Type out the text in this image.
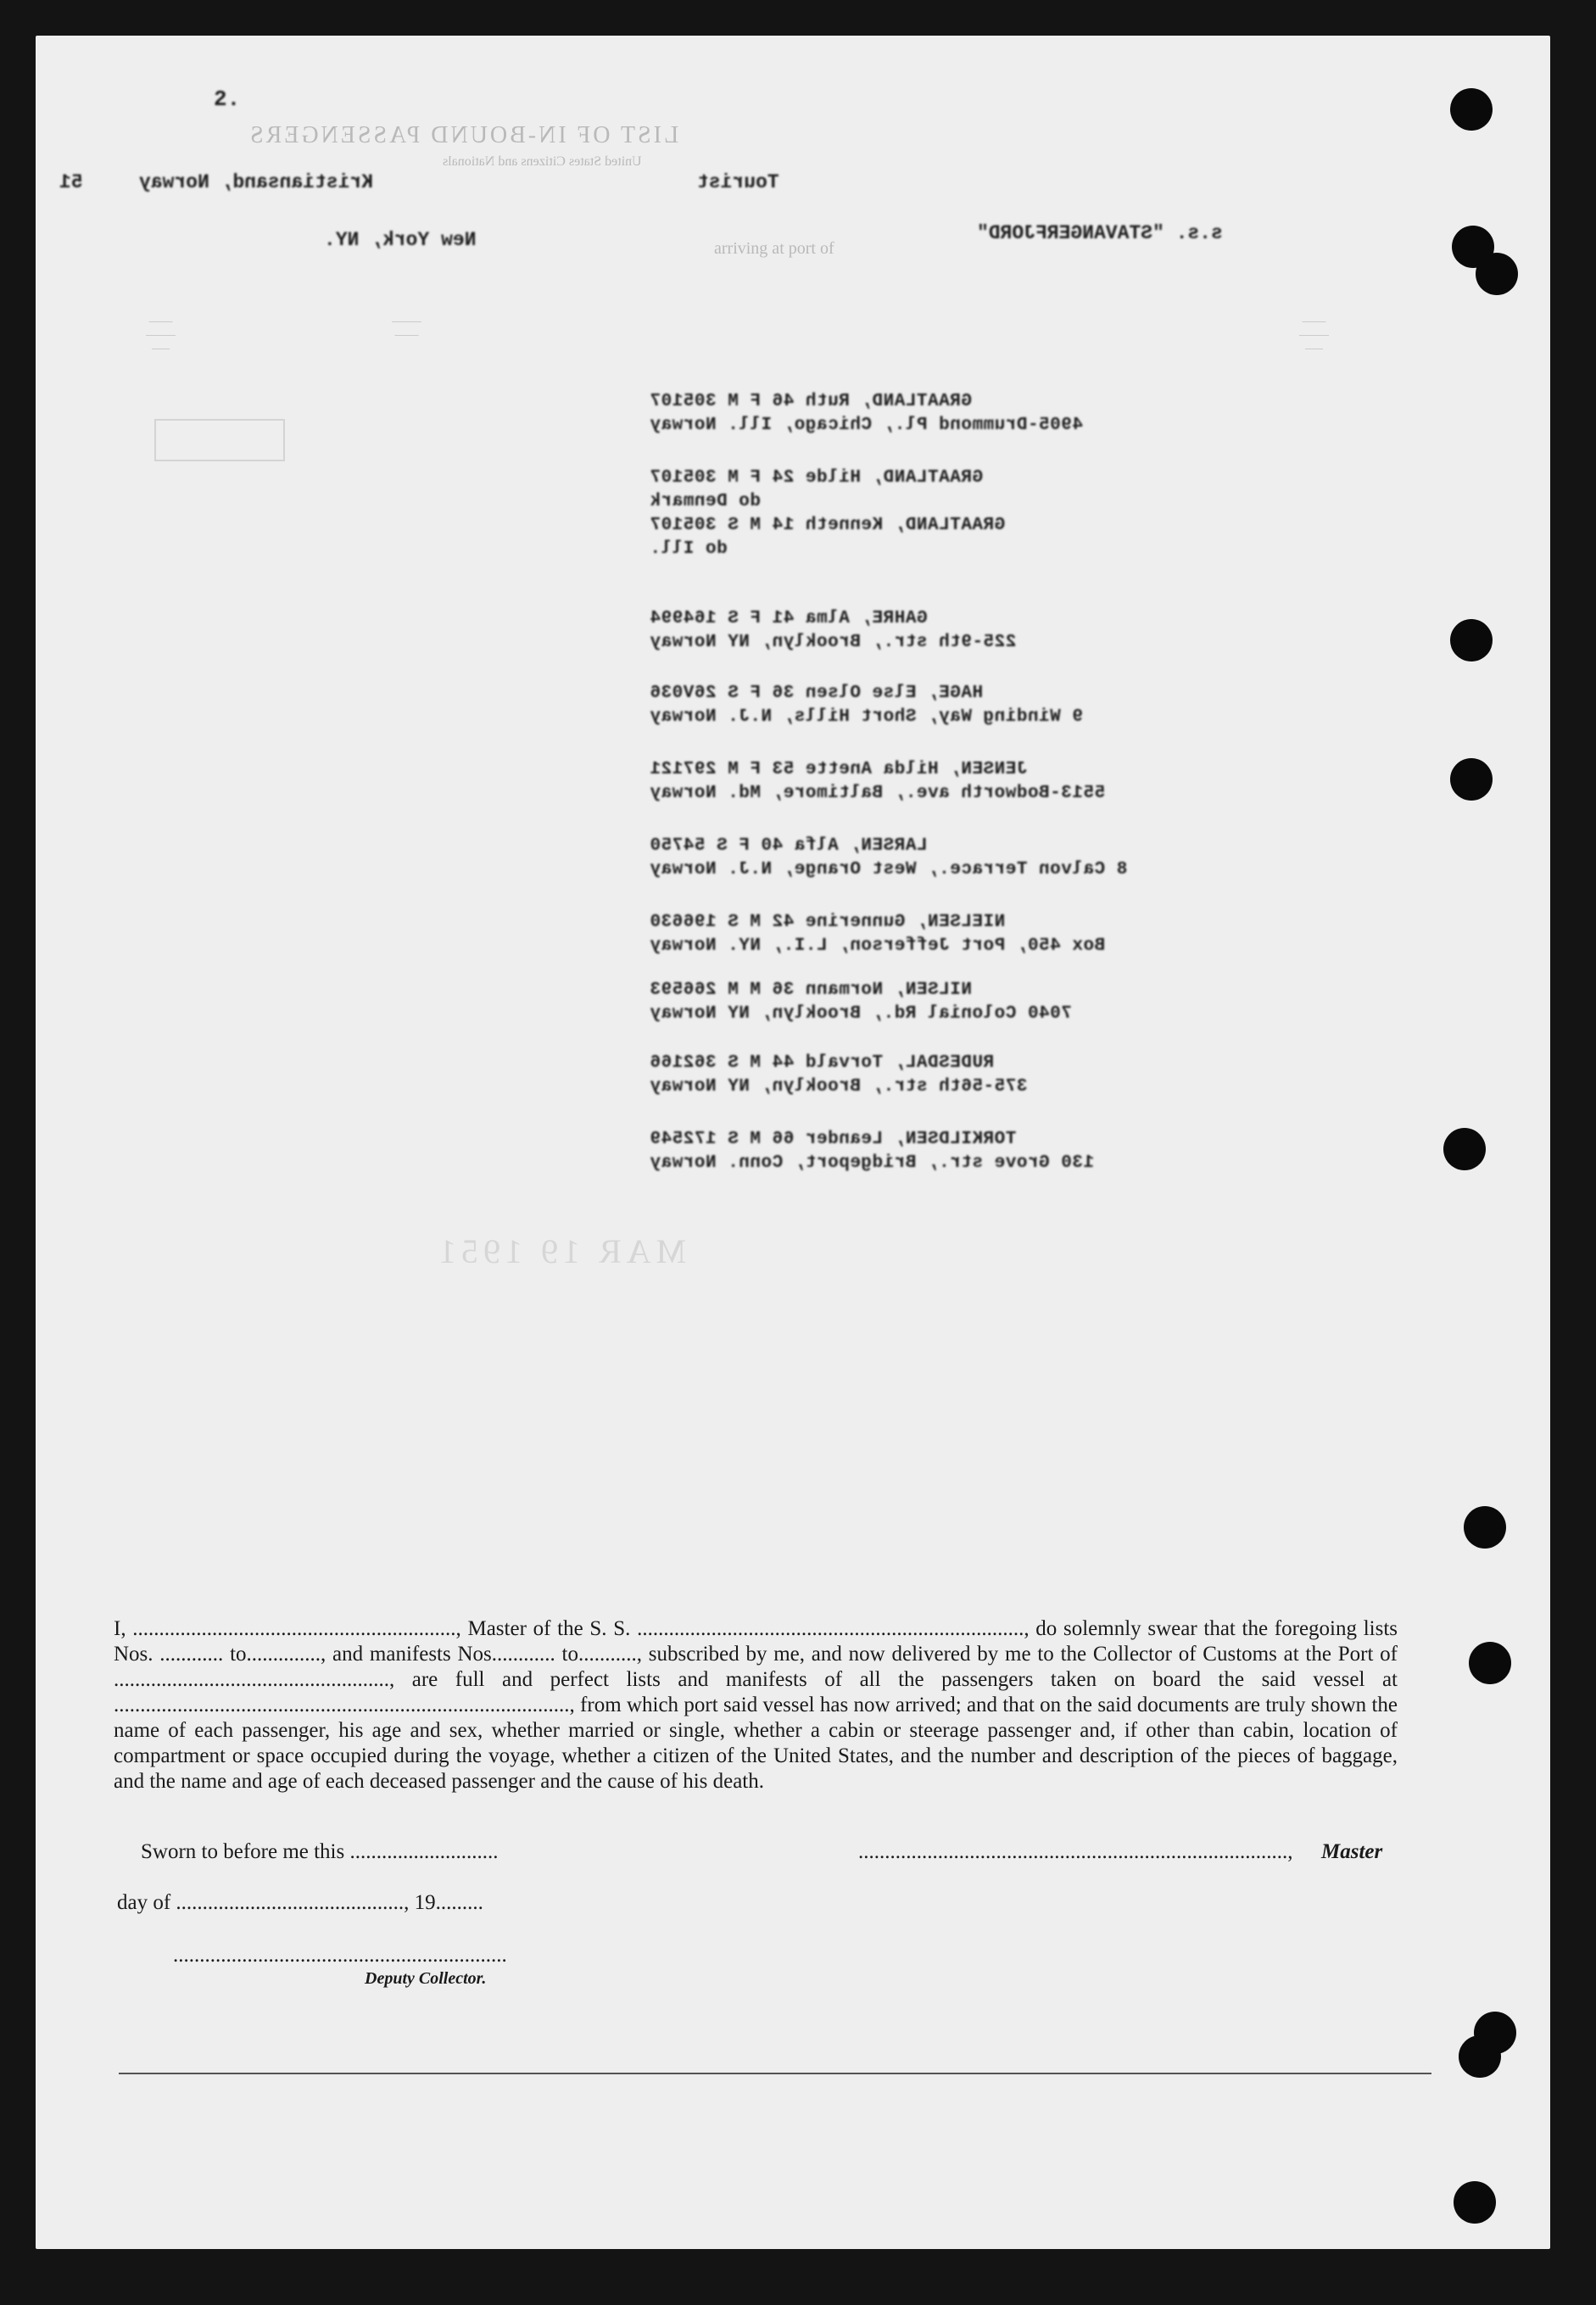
LIST OF IN-BOUND PASSENGERS
United States Citizens and Nationals
arriving at port of
⎯⎯⎯⎯
⎯⎯⎯⎯⎯
⎯⎯⎯
⎯⎯⎯⎯⎯
⎯⎯⎯⎯
⎯⎯⎯⎯
⎯⎯⎯⎯⎯
⎯⎯⎯
2.
51	Kristiansand, Norway	Tourist
New York, NY.	s.s. "STAVANGERFJORD"
GRAATLAND, Ruth 46 F M 305107
4905-Drummond Pl., Chicago, Ill. Norway
GRAATLAND, Hilde 24 F M 305107
do Denmark
GRAATLAND, Kenneth 14 M S 305107
do Ill.
GAHRE, Alma 41 F S 164994
225-9th str., Brooklyn, NY Norway
HAGE, Else Olsen 36 F S 26V036
9 Winding Way, Short Hills, N.J. Norway
JENSEN, Hilda Anette 53 F M 297121
5513-Bodworth ave., Baltimore, Md. Norway
LARSEN, Alfa 40 F S 54750
8 Calvon Terrace., West Orange, N.J. Norway
NIELSEN, Gunnerine 42 M S 196630
Box 450, Port Jefferson, L.I., NY. Norway
NILSEN, Normann 36 M M 266593
7040 Colonial Rd., Brooklyn, NY Norway
RUDESDAL, Torvald 44 M S 362166
375-56th str., Brooklyn, NY Norway
TORKILDSEN, Leander 66 M S 172549
130 Grove str., Bridgeport, Conn. Norway
MAR 19 1951
I, ............................................................., Master of the S. S. ........................................................................., do solemnly swear that the foregoing lists Nos. ............ to.............., and manifests Nos............ to..........., subscribed by me, and now delivered by me to the Collector of Customs at the Port of ...................................................., are full and perfect lists and manifests of all the passengers taken on board the said vessel at ......................................................................................, from which port said vessel has now arrived; and that on the said documents are truly shown the name of each passenger, his age and sex, whether married or single, whether a cabin or steerage passenger and, if other than cabin, location of compartment or space occupied during the voyage, whether a citizen of the United States, and the number and description of the pieces of baggage, and the name and age of each deceased passenger and the cause of his death.
Sworn to before me this ............................	................................................................................., Master
day of ..........................................., 19.........
...............................................................
Deputy Collector.
